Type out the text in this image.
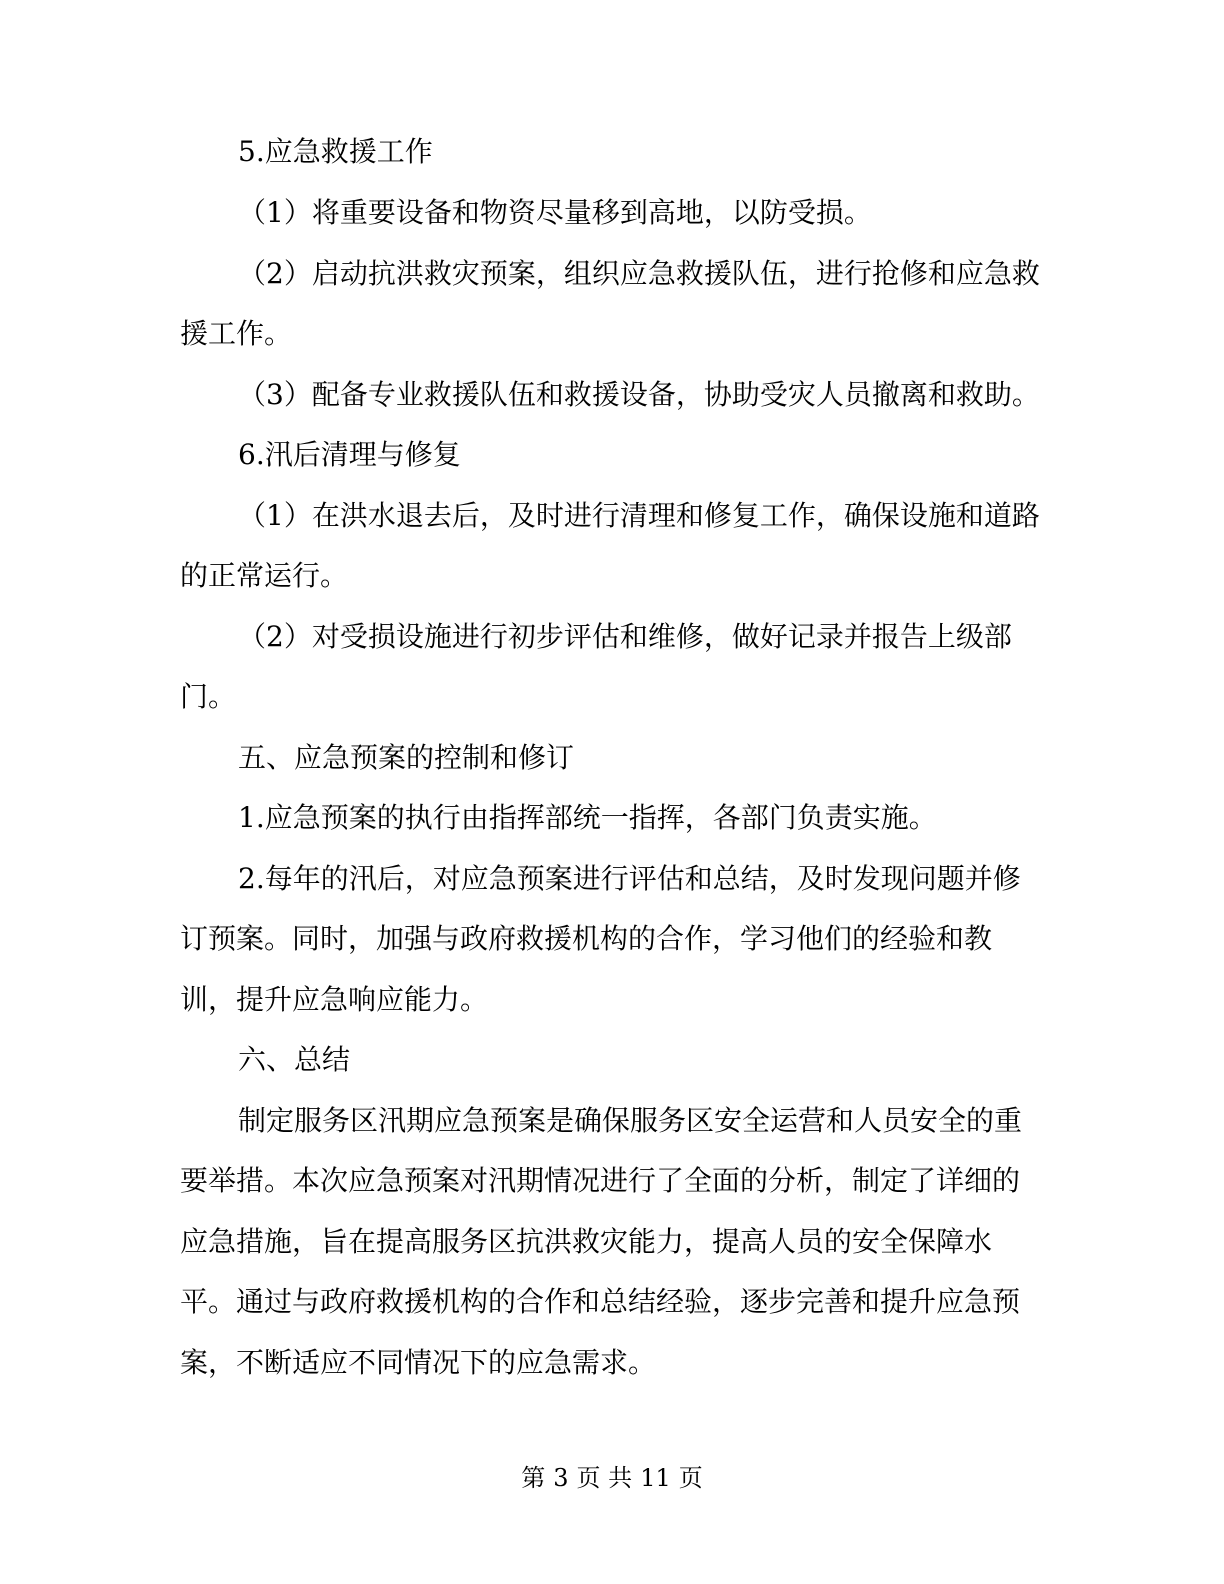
5.应急救援工作
（1）将重要设备和物资尽量移到高地，以防受损。
（2）启动抗洪救灾预案，组织应急救援队伍，进行抢修和应急救
援工作。
（3）配备专业救援队伍和救援设备，协助受灾人员撤离和救助。
6.汛后清理与修复
（1）在洪水退去后，及时进行清理和修复工作，确保设施和道路
的正常运行。
（2）对受损设施进行初步评估和维修，做好记录并报告上级部
门。
五、应急预案的控制和修订
1.应急预案的执行由指挥部统一指挥，各部门负责实施。
2.每年的汛后，对应急预案进行评估和总结，及时发现问题并修
订预案。同时，加强与政府救援机构的合作，学习他们的经验和教
训，提升应急响应能力。
六、总结
制定服务区汛期应急预案是确保服务区安全运营和人员安全的重
要举措。本次应急预案对汛期情况进行了全面的分析，制定了详细的
应急措施，旨在提高服务区抗洪救灾能力，提高人员的安全保障水
平。通过与政府救援机构的合作和总结经验，逐步完善和提升应急预
案，不断适应不同情况下的应急需求。
第 3 页 共 11 页
